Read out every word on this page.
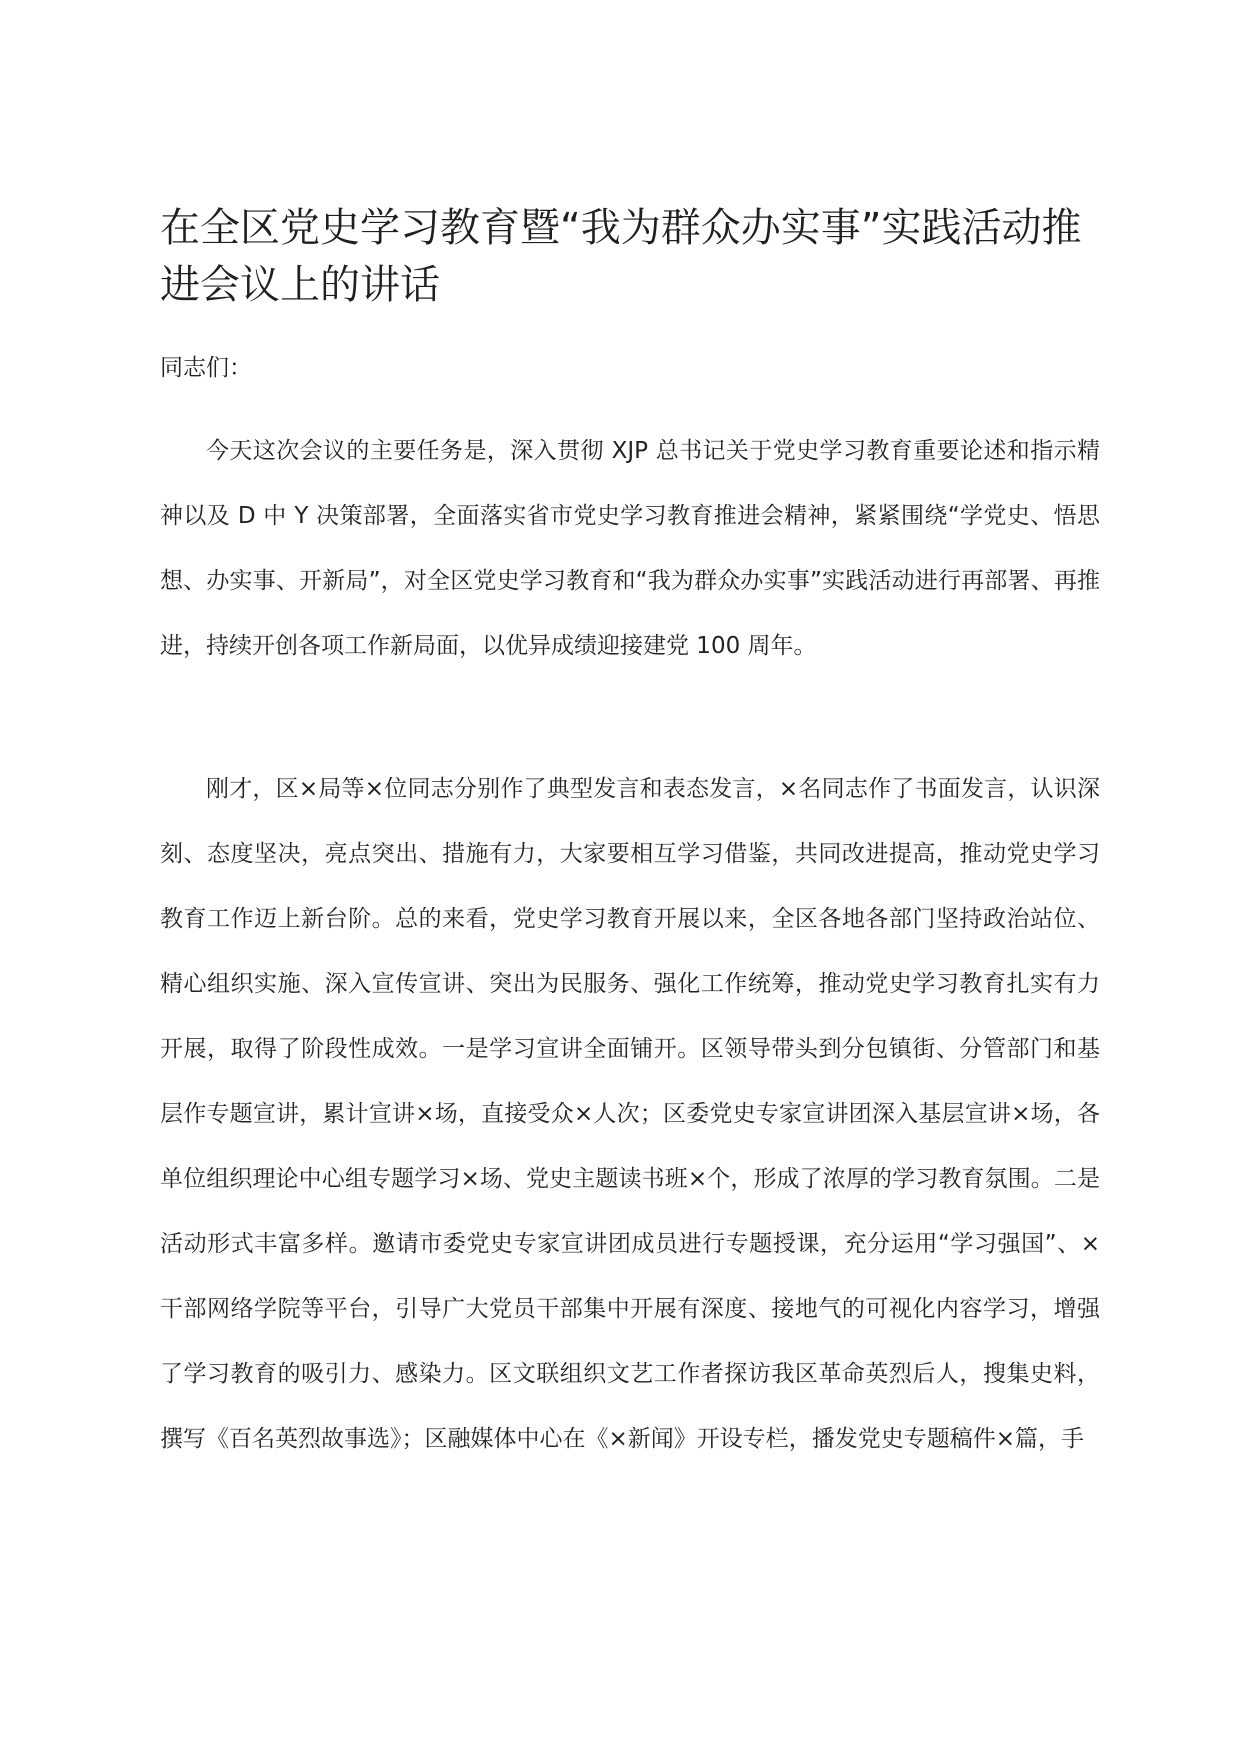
在全区党史学习教育暨“我为群众办实事”实践活动推进会议上的讲话

同志们：

今天这次会议的主要任务是，深入贯彻 XJP 总书记关于党史学习教育重要论述和指示精神以及 D 中 Y 决策部署，全面落实省市党史学习教育推进会精神，紧紧围绕“学党史、悟思想、办实事、开新局”，对全区党史学习教育和“我为群众办实事”实践活动进行再部署、再推进，持续开创各项工作新局面，以优异成绩迎接建党 100 周年。

刚才，区×局等×位同志分别作了典型发言和表态发言，×名同志作了书面发言，认识深刻、态度坚决，亮点突出、措施有力，大家要相互学习借鉴，共同改进提高，推动党史学习教育工作迈上新台阶。总的来看，党史学习教育开展以来，全区各地各部门坚持政治站位、精心组织实施、深入宣传宣讲、突出为民服务、强化工作统筹，推动党史学习教育扎实有力开展，取得了阶段性成效。一是学习宣讲全面铺开。区领导带头到分包镇街、分管部门和基层作专题宣讲，累计宣讲×场，直接受众×人次；区委党史专家宣讲团深入基层宣讲×场，各单位组织理论中心组专题学习×场、党史主题读书班×个，形成了浓厚的学习教育氛围。二是活动形式丰富多样。邀请市委党史专家宣讲团成员进行专题授课，充分运用“学习强国”、×干部网络学院等平台，引导广大党员干部集中开展有深度、接地气的可视化内容学习，增强了学习教育的吸引力、感染力。区文联组织文艺工作者探访我区革命英烈后人，搜集史料，撰写《百名英烈故事选》；区融媒体中心在《×新闻》开设专栏，播发党史专题稿件×篇，手
